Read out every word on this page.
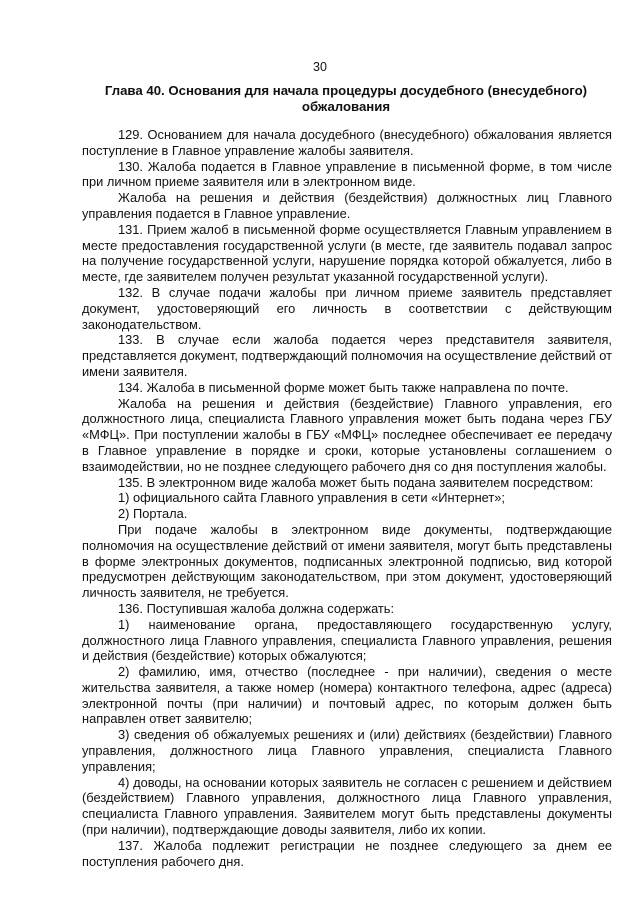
30
Глава 40. Основания для начала процедуры досудебного (внесудебного) обжалования

129. Основанием для начала досудебного (внесудебного) обжалования является поступление в Главное управление жалобы заявителя.

130. Жалоба подается в Главное управление в письменной форме, в том числе при личном приеме заявителя или в электронном виде.

Жалоба на решения и действия (бездействия) должностных лиц Главного управления подается в Главное управление.

131. Прием жалоб в письменной форме осуществляется Главным управлением в месте предоставления государственной услуги (в месте, где заявитель подавал запрос на получение государственной услуги, нарушение порядка которой обжалуется, либо в месте, где заявителем получен результат указанной государственной услуги).

132. В случае подачи жалобы при личном приеме заявитель представляет документ, удостоверяющий его личность в соответствии с действующим законодательством.

133. В случае если жалоба подается через представителя заявителя, представляется документ, подтверждающий полномочия на осуществление действий от имени заявителя.

134. Жалоба в письменной форме может быть также направлена по почте.

Жалоба на решения и действия (бездействие) Главного управления, его должностного лица, специалиста Главного управления может быть подана через ГБУ «МФЦ». При поступлении жалобы в ГБУ «МФЦ» последнее обеспечивает ее передачу в Главное управление в порядке и сроки, которые установлены соглашением о взаимодействии, но не позднее следующего рабочего дня со дня поступления жалобы.

135. В электронном виде жалоба может быть подана заявителем посредством:

1) официального сайта Главного управления в сети «Интернет»;

2) Портала.

При подаче жалобы в электронном виде документы, подтверждающие полномочия на осуществление действий от имени заявителя, могут быть представлены в форме электронных документов, подписанных электронной подписью, вид которой предусмотрен действующим законодательством, при этом документ, удостоверяющий личность заявителя, не требуется.

136. Поступившая жалоба должна содержать:

1) наименование органа, предоставляющего государственную услугу, должностного лица Главного управления, специалиста Главного управления, решения и действия (бездействие) которых обжалуются;

2) фамилию, имя, отчество (последнее - при наличии), сведения о месте жительства заявителя, а также номер (номера) контактного телефона, адрес (адреса) электронной почты (при наличии) и почтовый адрес, по которым должен быть направлен ответ заявителю;

3) сведения об обжалуемых решениях и (или) действиях (бездействии) Главного управления, должностного лица Главного управления, специалиста Главного управления;

4) доводы, на основании которых заявитель не согласен с решением и действием (бездействием) Главного управления, должностного лица Главного управления, специалиста Главного управления. Заявителем могут быть представлены документы (при наличии), подтверждающие доводы заявителя, либо их копии.

137. Жалоба подлежит регистрации не позднее следующего за днем ее поступления рабочего дня.
